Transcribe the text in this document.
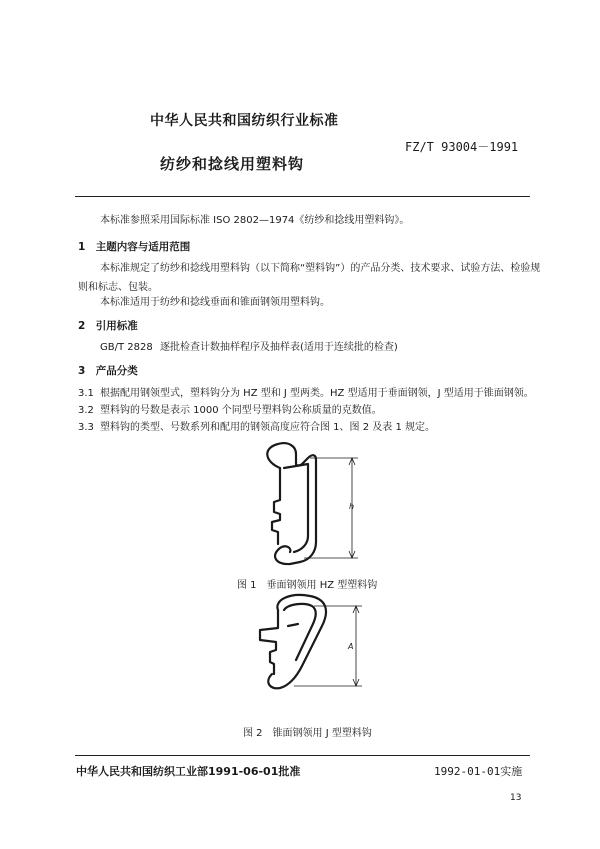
中华人民共和国纺织行业标准
FZ/T 93004－1991
纺纱和捻线用塑料钩
本标准参照采用国际标准 ISO 2802—1974《纺纱和捻线用塑料钩》。
1　主题内容与适用范围
本标准规定了纺纱和捻线用塑料钩（以下简称“塑料钩”）的产品分类、技术要求、试验方法、检验规
则和标志、包装。
本标准适用于纺纱和捻线垂面和锥面钢领用塑料钩。
2　引用标准
GB/T 2828 逐批检查计数抽样程序及抽样表(适用于连续批的检查)
3　产品分类
3.1 根据配用钢领型式，塑料钩分为 HZ 型和 J 型两类。HZ 型适用于垂面钢领，J 型适用于锥面钢领。
3.2 塑料钩的号数是表示 1000 个同型号塑料钩公称质量的克数值。
3.3 塑料钩的类型、号数系列和配用的钢领高度应符合图 1、图 2 及表 1 规定。
h
图 1　垂面钢领用 HZ 型塑料钩
A
图 2　锥面钢领用 J 型塑料钩
中华人民共和国纺织工业部1991-06-01批准	1992-01-01实施
13
